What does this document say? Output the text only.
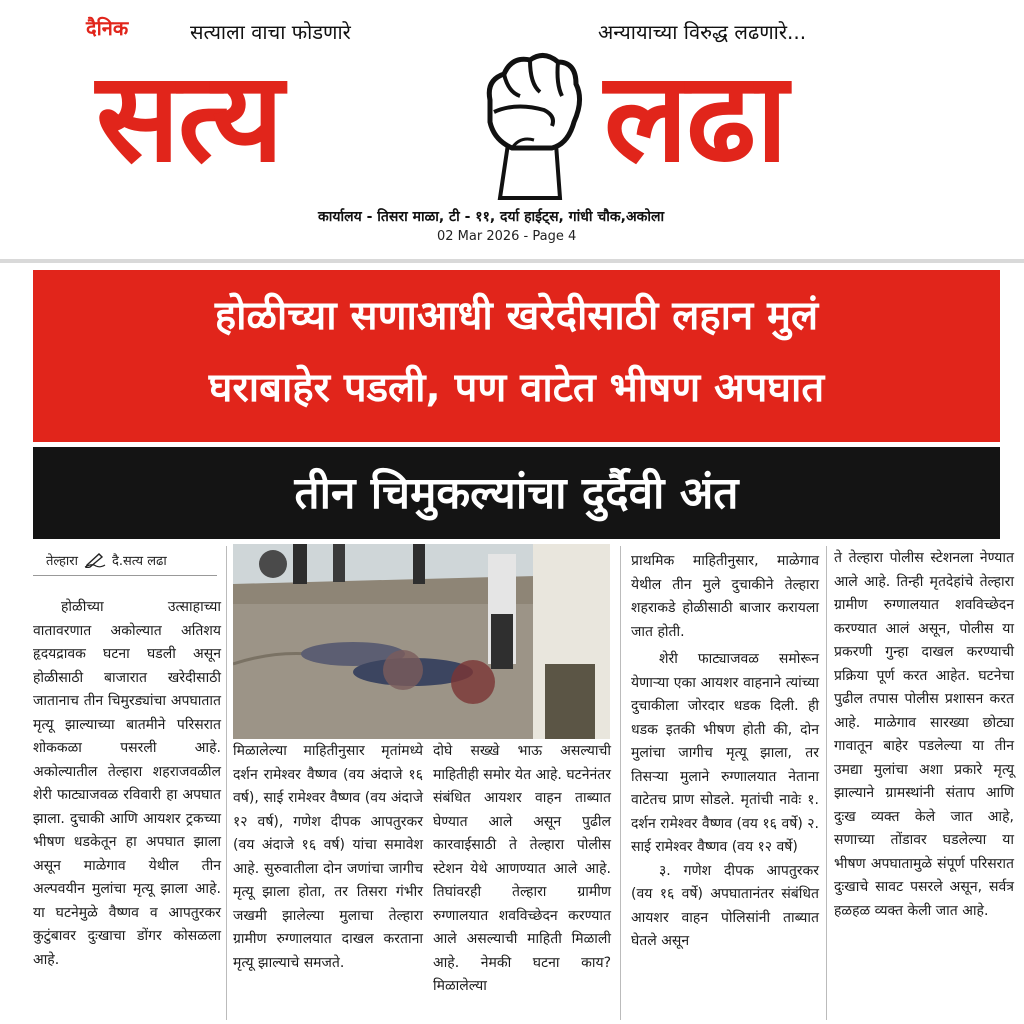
दैनिक	सत्याला वाचा फोडणारे	अन्यायाच्या विरुद्ध लढणारे...
सत्य	लढा
कार्यालय - तिसरा माळा, टी - ११, दर्या हाईट्स, गांधी चौक,अकोला
02 Mar 2026 - Page 4
होळीच्या सणाआधी खरेदीसाठी लहान मुलं
घराबाहेर पडली, पण वाटेत भीषण अपघात
तीन चिमुकल्यांचा दुर्दैवी अंत
तेल्हारा	दै.सत्य लढा

होळीच्या उत्साहाच्या वातावरणात अकोल्यात अतिशय हृदयद्रावक घटना घडली असून होळीसाठी बाजारात खरेदीसाठी जातानाच तीन चिमुरड्यांचा अपघातात मृत्यू झाल्याच्या बातमीने परिसरात शोककळा पसरली आहे. अकोल्यातील तेल्हारा शहराजवळील शेरी फाट्याजवळ रविवारी हा अपघात झाला. दुचाकी आणि आयशर ट्रकच्या भीषण धडकेतून हा अपघात झाला असून माळेगाव येथील तीन अल्पवयीन मुलांचा मृत्यू झाला आहे. या घटनेमुळे वैष्णव व आपतुरकर कुटुंबावर दुःखाचा डोंगर कोसळला आहे.

मिळालेल्या माहितीनुसार मृतांमध्ये दर्शन रामेश्वर वैष्णव (वय अंदाजे १६ वर्ष), साई रामेश्वर वैष्णव (वय अंदाजे १२ वर्ष), गणेश दीपक आपतुरकर (वय अंदाजे १६ वर्ष) यांचा समावेश आहे. सुरुवातीला दोन जणांचा जागीच मृत्यू झाला होता, तर तिसरा गंभीर जखमी झालेल्या मुलाचा तेल्हारा ग्रामीण रुग्णालयात दाखल करताना मृत्यू झाल्याचे समजते.

दोघे सख्खे भाऊ असल्याची माहितीही समोर येत आहे. घटनेनंतर संबंधित आयशर वाहन ताब्यात घेण्यात आले असून पुढील कारवाईसाठी ते तेल्हारा पोलीस स्टेशन येथे आणण्यात आले आहे. तिघांवरही तेल्हारा ग्रामीण रुग्णालयात शवविच्छेदन करण्यात आले असल्याची माहिती मिळाली आहे. नेमकी घटना काय? मिळालेल्या

प्राथमिक माहितीनुसार, माळेगाव येथील तीन मुले दुचाकीने तेल्हारा शहराकडे होळीसाठी बाजार करायला जात होती.

शेरी फाट्याजवळ समोरून येणाऱ्या एका आयशर वाहनाने त्यांच्या दुचाकीला जोरदार धडक दिली. ही धडक इतकी भीषण होती की, दोन मुलांचा जागीच मृत्यू झाला, तर तिसऱ्या मुलाने रुग्णालयात नेताना वाटेतच प्राण सोडले. मृतांची नावेः १. दर्शन रामेश्वर वैष्णव (वय १६ वर्षे) २. साई रामेश्वर वैष्णव (वय १२ वर्षे)

३. गणेश दीपक आपतुरकर (वय १६ वर्षे) अपघातानंतर संबंधित आयशर वाहन पोलिसांनी ताब्यात घेतले असून

ते तेल्हारा पोलीस स्टेशनला नेण्यात आले आहे. तिन्ही मृतदेहांचे तेल्हारा ग्रामीण रुग्णालयात शवविच्छेदन करण्यात आलं असून, पोलीस या प्रकरणी गुन्हा दाखल करण्याची प्रक्रिया पूर्ण करत आहेत. घटनेचा पुढील तपास पोलीस प्रशासन करत आहे. माळेगाव सारख्या छोट्या गावातून बाहेर पडलेल्या या तीन उमद्या मुलांचा अशा प्रकारे मृत्यू झाल्याने ग्रामस्थांनी संताप आणि दुःख व्यक्त केले जात आहे, सणाच्या तोंडावर घडलेल्या या भीषण अपघातामुळे संपूर्ण परिसरात दुःखाचे सावट पसरले असून, सर्वत्र हळहळ व्यक्त केली जात आहे.
